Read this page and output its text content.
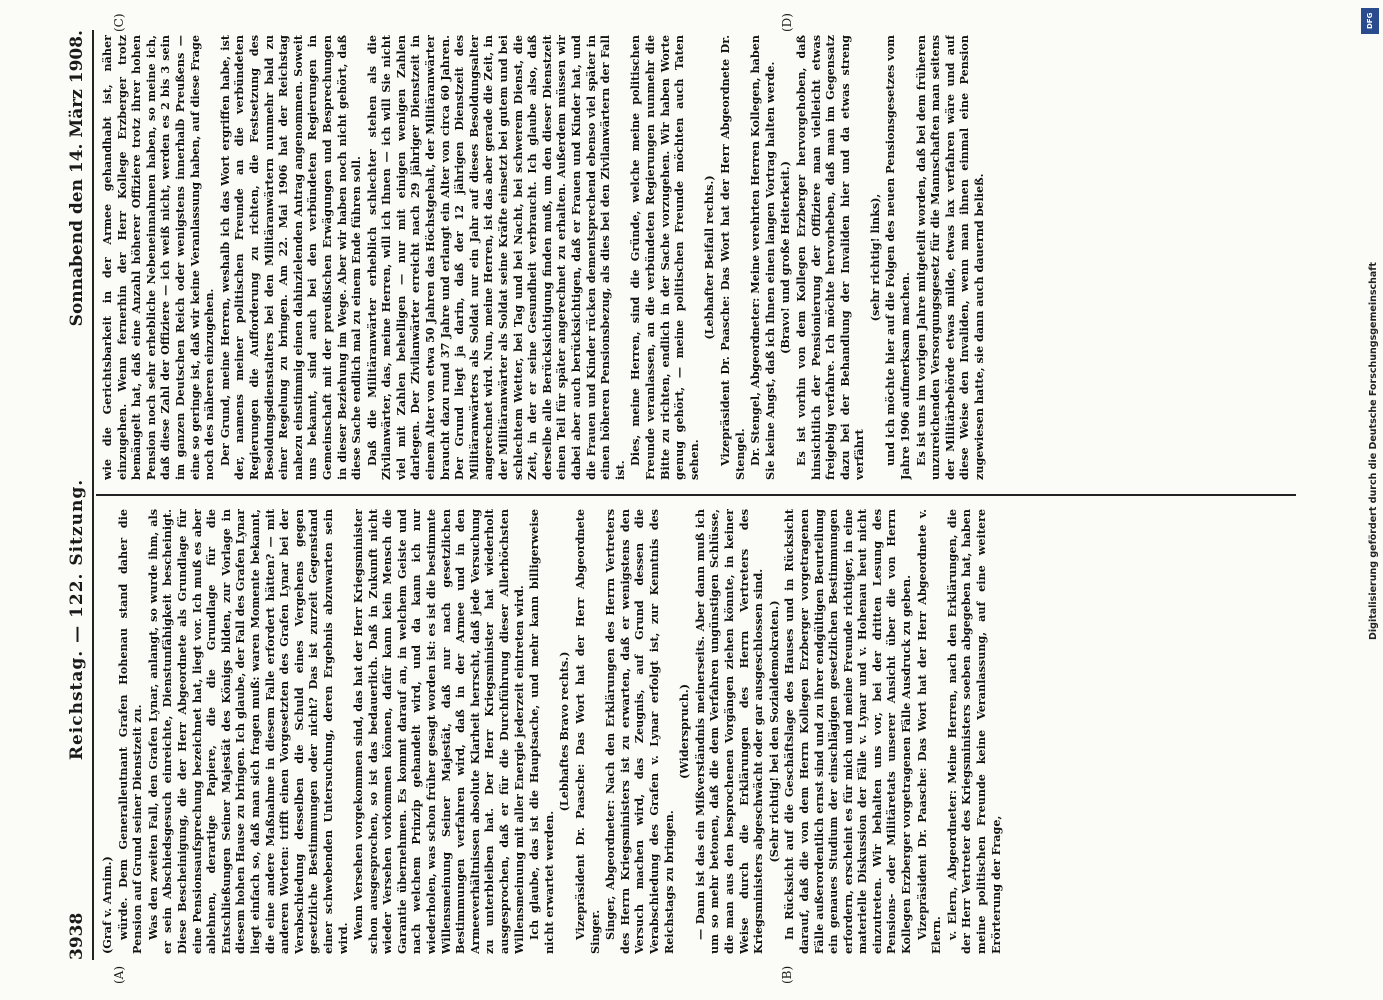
DFG
Digitalisierung gefördert durch die Deutsche Forschungsgemeinschaft
3938
Reichstag. — 122. Sitzung.
Sonnabend den 14. März 1908.
(A)	(B)
(C)	(D)

(Graf v. Arnim.) würde. Dem Generalleutnant Grafen Hohenau stand daher die Pension auf Grund seiner Dienstzeit zu. Was den zweiten Fall, den Grafen Lynar, anlangt, so wurde ihm, als er sein Abschiedsgesuch einreichte, Dienstunfähigkeit bescheinigt. Diese Bescheinigung, die der Herr Abgeordnete als Grundlage für eine Pensionsaufsprechung bezeichnet hat, liegt vor. Ich muß es aber ablehnen, derartige Papiere, die die Grundlage für die Entschließungen Seiner Majestät des Königs bilden, zur Vorlage in diesem hohen Hause zu bringen. Ich glaube, der Fall des Grafen Lynar liegt einfach so, daß man sich fragen muß: waren Momente bekannt, die eine andere Maßnahme in diesem Falle erfordert hätten? — mit anderen Worten: trifft einen Vorgesetzten des Grafen Lynar bei der Verabschiedung desselben die Schuld eines Vergehens gegen gesetzliche Bestimmungen oder nicht? Das ist zurzeit Gegenstand einer schwebenden Untersuchung, deren Ergebnis abzuwarten sein wird. Wenn Versehen vorgekommen sind, das hat der Herr Kriegsminister schon ausgesprochen, so ist das bedauerlich. Daß in Zukunft nicht wieder Versehen vorkommen können, dafür kann kein Mensch die Garantie übernehmen. Es kommt darauf an, in welchem Geiste und nach welchem Prinzip gehandelt wird, und da kann ich nur wiederholen, was schon früher gesagt worden ist: es ist die bestimmte Willensmeinung Seiner Majestät, daß nur nach gesetzlichen Bestimmungen verfahren wird, daß in der Armee und in den Armeeverhältnissen absolute Klarheit herrscht, daß jede Versuchung zu unterbleiben hat. Der Herr Kriegsminister hat wiederholt ausgesprochen, daß er für die Durchführung dieser Allerhöchsten Willensmeinung mit aller Energie jederzeit eintreten wird. Ich glaube, das ist die Hauptsache, und mehr kann billigerweise nicht erwartet werden.

(Lebhaftes Bravo rechts.) Vizepräsident Dr. Paasche: Das Wort hat der Herr Abgeordnete Singer. Singer, Abgeordneter: Nach den Erklärungen des Herrn Vertreters des Herrn Kriegsministers ist zu erwarten, daß er wenigstens den Versuch machen wird, das Zeugnis, auf Grund dessen die Verabschiedung des Grafen v. Lynar erfolgt ist, zur Kenntnis des Reichstags zu bringen.

(Widerspruch.) — Dann ist das ein Mißverständnis meinerseits. Aber dann muß ich um so mehr betonen, daß die dem Verfahren ungünstigen Schlüsse, die man aus den besprochenen Vorgängen ziehen könnte, in keiner Weise durch die Erklärungen des Herrn Vertreters des Kriegsministers abgeschwächt oder gar ausgeschlossen sind. (Sehr richtig! bei den Sozialdemokraten.) In Rücksicht auf die Geschäftslage des Hauses und in Rücksicht darauf, daß die von dem Herrn Kollegen Erzberger vorgetragenen Fälle außerordentlich ernst sind und zu ihrer endgültigen Beurteilung ein genaues Studium der einschlägigen gesetzlichen Bestimmungen erfordern, erscheint es für mich und meine Freunde richtiger, in eine materielle Diskussion der Fälle v. Lynar und v. Hohenau heut nicht einzutreten. Wir behalten uns vor, bei der dritten Lesung des Pensions- oder Militäretats unserer Ansicht über die von Herrn Kollegen Erzberger vorgetragenen Fälle Ausdruck zu geben. Vizepräsident Dr. Paasche: Das Wort hat der Herr Abgeordnete v. Elern. v. Elern, Abgeordneter: Meine Herren, nach den Erklärungen, die der Herr Vertreter des Kriegsministers soeben abgegeben hat, haben meine politischen Freunde keine Veranlassung, auf eine weitere Erörterung der Frage,

wie die Gerichtsbarkeit in der Armee gehandhabt ist, näher einzugehen. Wenn fernerhin der Herr Kollege Erzberger trotz bemängelt hat, daß eine Anzahl höherer Offiziere trotz ihrer hohen Pension noch sehr erhebliche Nebeneinnahmen haben, so meine ich, daß diese Zahl der Offiziere — ich weiß nicht, werden es 2 bis 3 sein im ganzen Deutschen Reich oder wenigstens innerhalb Preußens — eine so geringe ist, daß wir keine Veranlassung haben, auf diese Frage noch des näheren einzugehen. Der Grund, meine Herren, weshalb ich das Wort ergriffen habe, ist der, namens meiner politischen Freunde an die verbündeten Regierungen die Aufforderung zu richten, die Festsetzung des Besoldungsdienstalters bei den Militäranwärtern nunmehr bald zu einer Regelung zu bringen. Am 22. Mai 1906 hat der Reichstag nahezu einstimmig einen dahinzielenden Antrag angenommen. Soweit uns bekannt, sind auch bei den verbündeten Regierungen in Gemeinschaft mit der preußischen Erwägungen und Besprechungen in dieser Beziehung im Wege. Aber wir haben noch nicht gehört, daß diese Sache endlich mal zu einem Ende führen soll. Daß die Militäranwärter erheblich schlechter stehen als die Zivilanwärter, das, meine Herren, will ich Ihnen — ich will Sie nicht viel mit Zahlen behelligen — nur mit einigen wenigen Zahlen darlegen. Der Zivilanwärter erreicht nach 29 jähriger Dienstzeit in einem Alter von etwa 50 Jahren das Höchstgehalt, der Militäranwärter braucht dazu rund 37 Jahre und erlangt ein Alter von circa 60 Jahren. Der Grund liegt ja darin, daß der 12 jährigen Dienstzeit des Militäranwärters als Soldat nur ein Jahr auf dieses Besoldungsalter angerechnet wird. Nun, meine Herren, ist das aber gerade die Zeit, in der Militäranwärter als Soldat seine Kräfte einsetzt bei gutem und bei schlechtem Wetter, bei Tag und bei Nacht, bei schwerem Dienst, die Zeit, in der er seine Gesundheit verbraucht. Ich glaube also, daß derselbe alle Berücksichtigung finden muß, um den dieser Dienstzeit einen Teil für später angerechnet zu erhalten. Außerdem müssen wir dabei aber auch berücksichtigen, daß er Frauen und Kinder hat, und die Frauen und Kinder rücken dementsprechend ebenso viel später in einen höheren Pensionsbezug, als dies bei den Zivilanwärtern der Fall ist.

Dies, meine Herren, sind die Gründe, welche meine politischen Freunde veranlassen, an die verbündeten Regierungen nunmehr die Bitte zu richten, endlich in der Sache vorzugehen. Wir haben Worte genug gehört, — meine politischen Freunde möchten auch Taten sehen.

(Lebhafter Beifall rechts.) Vizepräsident Dr. Paasche: Das Wort hat der Herr Abgeordnete Dr. Stengel. Dr. Stengel, Abgeordneter: Meine verehrten Herren Kollegen, haben Sie keine Angst, daß ich Ihnen einen langen Vortrag halten werde. (Bravo! und große Heiterkeit.) Es ist vorhin von dem Kollegen Erzberger hervorgehoben, daß hinsichtlich der Pensionierung der Offiziere man vielleicht etwas freigebig verfahre. Ich möchte hervorheben, daß man im Gegensatz dazu bei der Behandlung der Invaliden hier und da etwas streng verfährt

(sehr richtig! links), und ich möchte hier auf die Folgen des neuen Pensionsgesetzes vom Jahre 1906 aufmerksam machen. Es ist uns im vorigen Jahre mitgeteilt worden, daß bei dem früheren unzureichenden Versorgungsgesetz für die Mannschaften man seitens der Militärbehörde etwas milde, etwas lax verfahren wäre und auf diese Weise den Invaliden, wenn man ihnen einmal eine Pension zugewiesen hatte, sie dann auch dauernd beließ.
